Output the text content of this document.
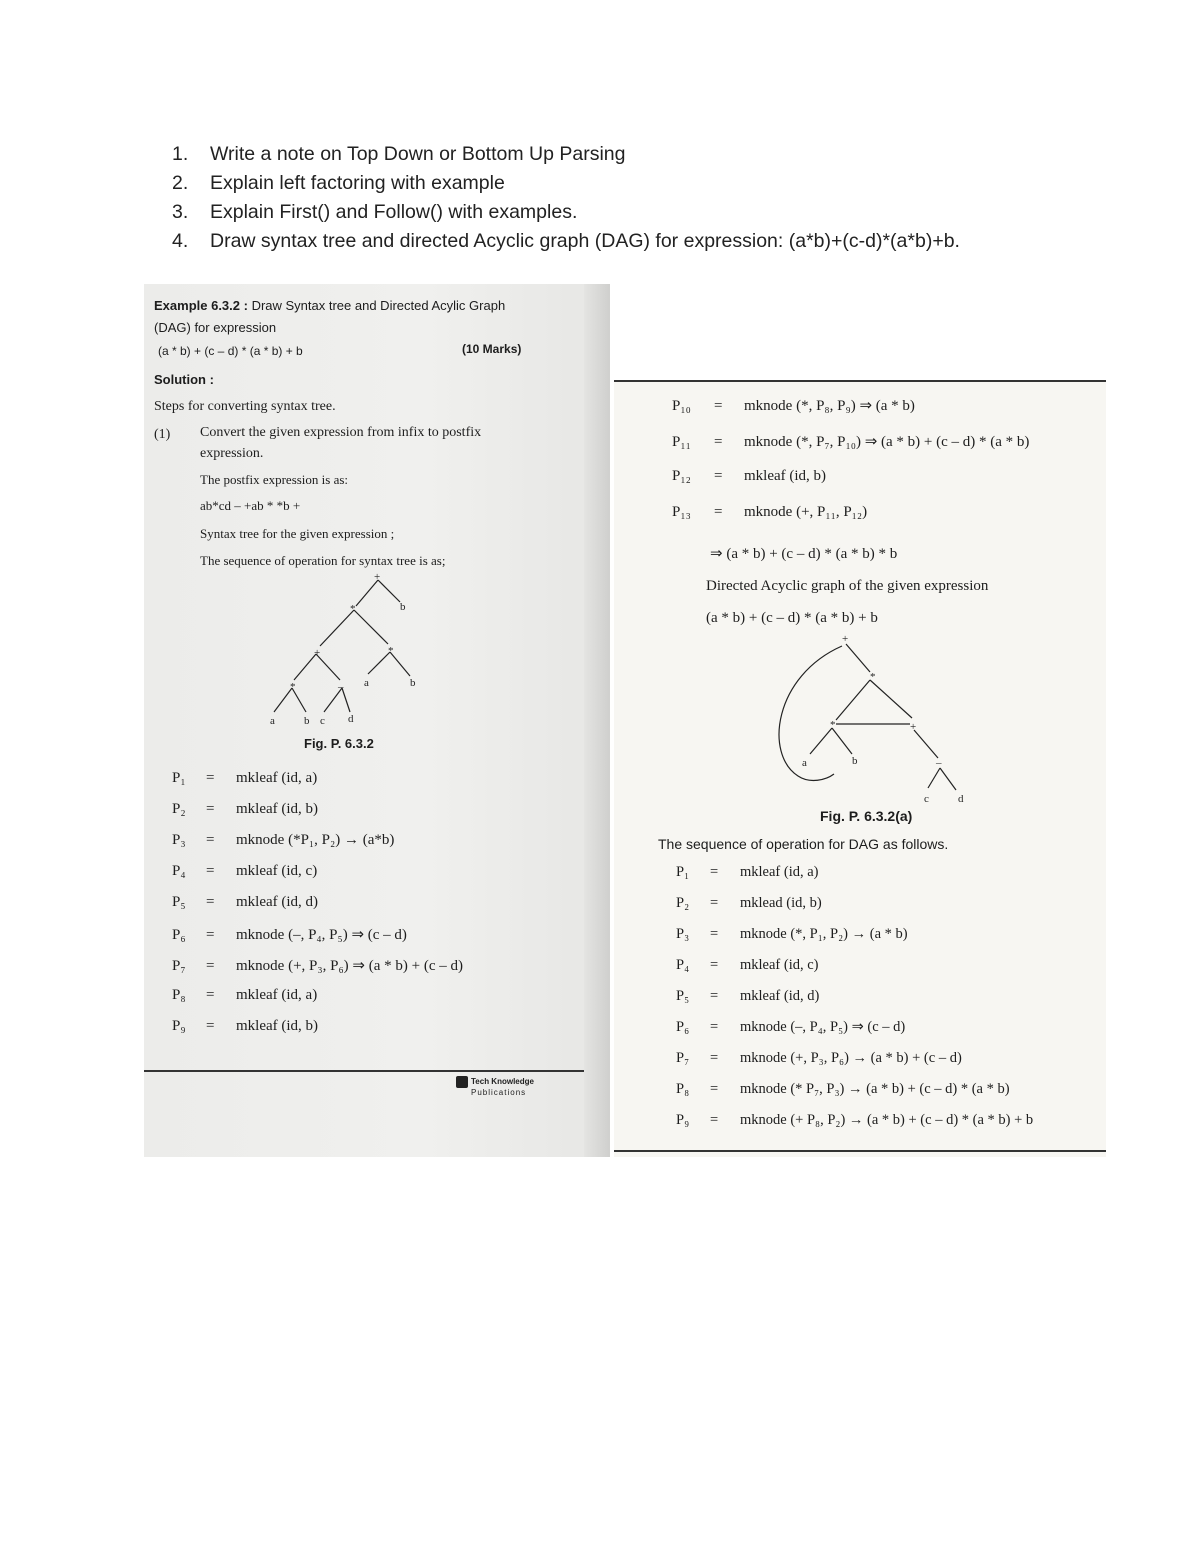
1.	Write a note on Top Down or Bottom Up Parsing
2.	Explain left factoring with example
3.	Explain First() and Follow() with examples.
4.	Draw syntax tree and directed Acyclic graph (DAG) for expression: (a*b)+(c-d)*(a*b)+b.
Example 6.3.2 : Draw Syntax tree and Directed Acylic Graph
(DAG) for expression
(a * b) + (c – d) * (a * b) + b	(10 Marks)
Solution :
Steps for converting syntax tree.
(1) Convert the given expression from infix to postfix
expression.
The postfix expression is as:
ab*cd – +ab * *b +
Syntax tree for the given expression ;
The sequence of operation for syntax tree is as;
+
*	b
+	*
*	– a	b
a	b c d
Fig. P. 6.3.2
P₁	=	mkleaf (id, a)
P₂	=	mkleaf (id, b)
P₃	=	mknode (*P₁, P₂) → (a*b)
P₄	=	mkleaf (id, c)
P₅	=	mkleaf (id, d)
P₆	=	mknode (–, P₄, P₅) ⇒ (c – d)
P₇	=	mknode (+, P₃, P₆) ⇒ (a * b) + (c – d)
P₈	=	mkleaf (id, a)
P₉	=	mkleaf (id, b)
Tech Knowledge
Publications
P₁₀	=	mknode (*, P₈, P₉) ⇒ (a * b)
P₁₁	=	mknode (*, P₇, P₁₀) ⇒ (a * b) + (c – d) * (a * b)
P₁₂	=	mkleaf (id, b)
P₁₃	=	mknode (+, P₁₁, P₁₂)
⇒ (a * b) + (c – d) * (a * b) * b
Directed Acyclic graph of the given expression
(a * b) + (c – d) * (a * b) + b
+
*
*	+
–
a	b
c	d
Fig. P. 6.3.2(a)
The sequence of operation for DAG as follows.
P₁	=	mkleaf (id, a)
P₂	=	mklead (id, b)
P₃	=	mknode (*, P₁, P₂) → (a * b)
P₄	=	mkleaf (id, c)
P₅	=	mkleaf (id, d)
P₆	=	mknode (–, P₄, P₅) ⇒ (c – d)
P₇	=	mknode (+, P₃, P₆) → (a * b) + (c – d)
P₈	=	mknode (* P₇, P₃) → (a * b) + (c – d) * (a * b)
P₉	=	mknode (+ P₈, P₂) → (a * b) + (c – d) * (a * b) + b
